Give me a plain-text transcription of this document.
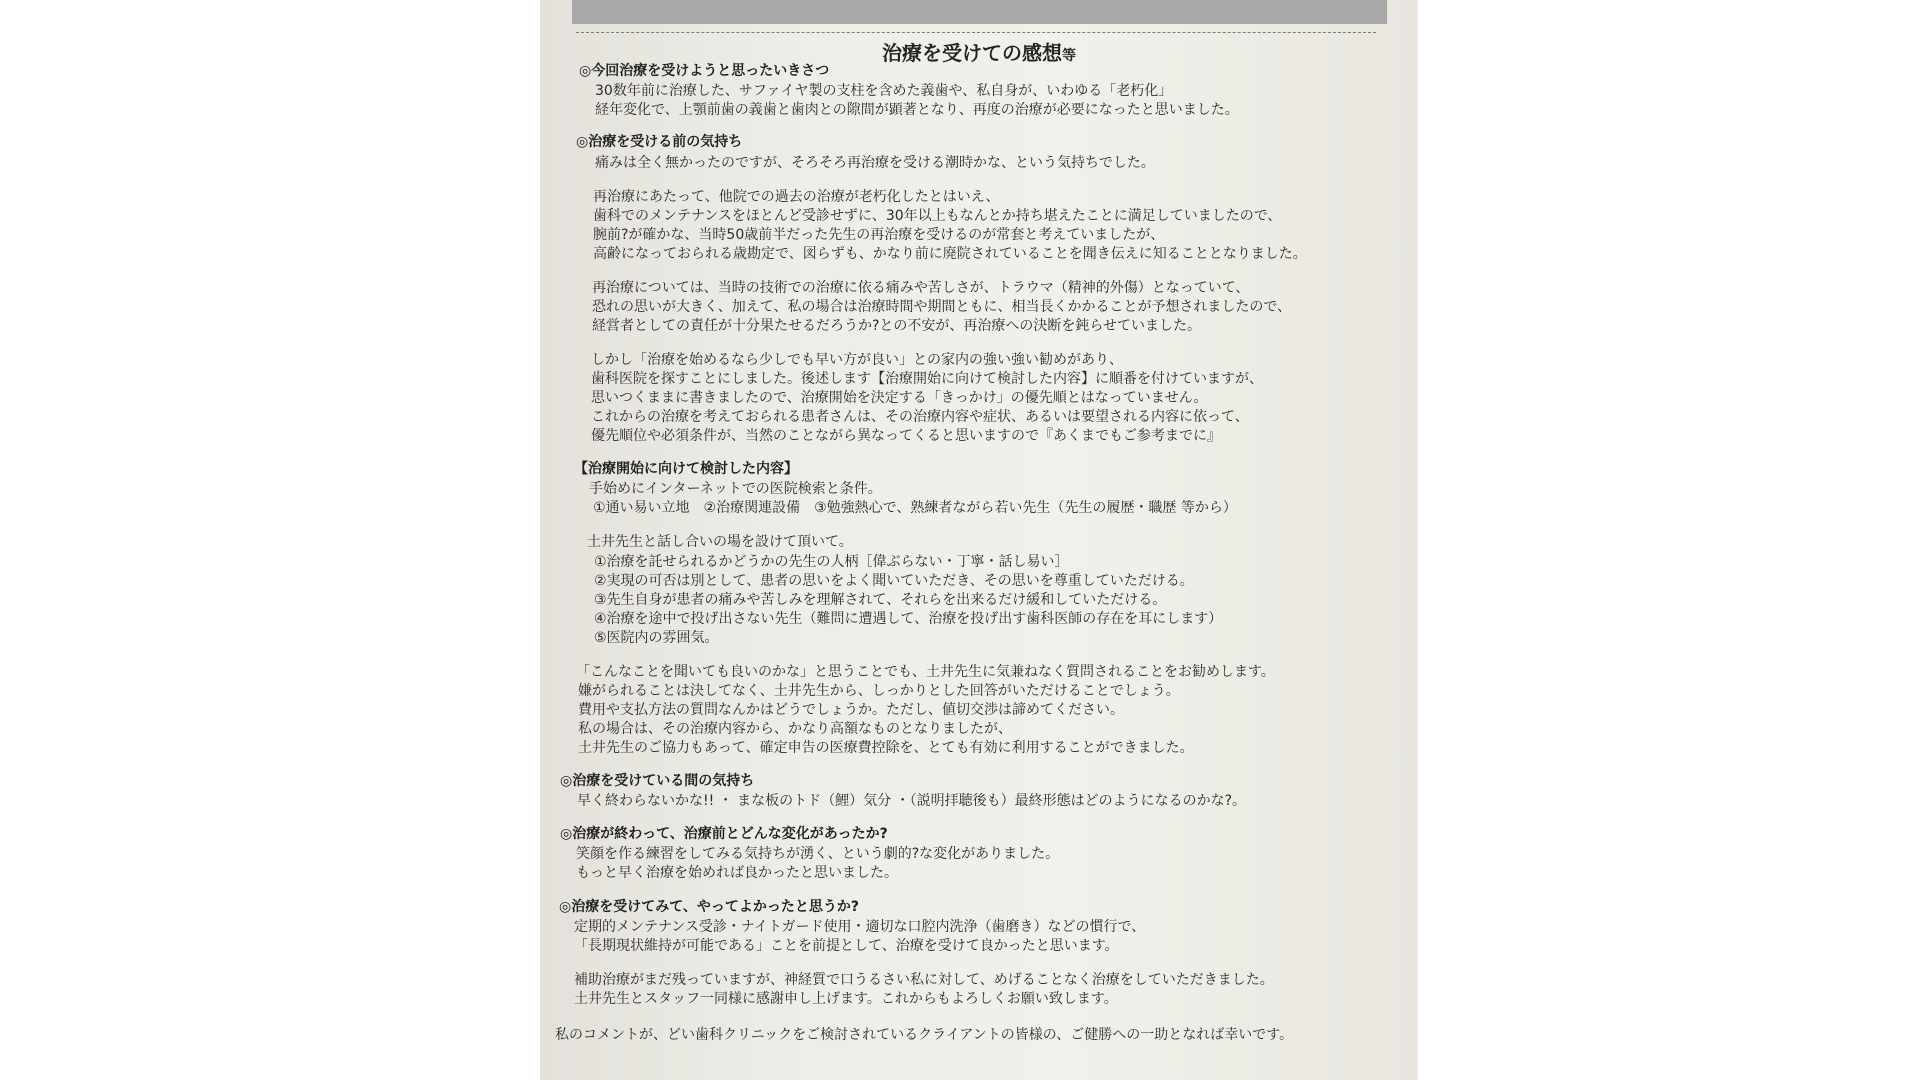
治療を受けての感想等

◎今回治療を受けようと思ったいきさつ

30数年前に治療した、サファイヤ製の支柱を含めた義歯や、私自身が、いわゆる「老朽化」

経年変化で、上顎前歯の義歯と歯肉との隙間が顕著となり、再度の治療が必要になったと思いました。

◎治療を受ける前の気持ち

痛みは全く無かったのですが、そろそろ再治療を受ける潮時かな、という気持ちでした。

再治療にあたって、他院での過去の治療が老朽化したとはいえ、

歯科でのメンテナンスをほとんど受診せずに、30年以上もなんとか持ち堪えたことに満足していましたので、

腕前?が確かな、当時50歳前半だった先生の再治療を受けるのが常套と考えていましたが、

高齢になっておられる歳勘定で、図らずも、かなり前に廃院されていることを聞き伝えに知ることとなりました。

再治療については、当時の技術での治療に依る痛みや苦しさが、トラウマ（精神的外傷）となっていて、

恐れの思いが大きく、加えて、私の場合は治療時間や期間ともに、相当長くかかることが予想されましたので、

経営者としての責任が十分果たせるだろうか?との不安が、再治療への決断を鈍らせていました。

しかし「治療を始めるなら少しでも早い方が良い」との家内の強い強い勧めがあり、

歯科医院を探すことにしました。後述します【治療開始に向けて検討した内容】に順番を付けていますが、

思いつくままに書きましたので、治療開始を決定する「きっかけ」の優先順とはなっていません。

これからの治療を考えておられる患者さんは、その治療内容や症状、あるいは要望される内容に依って、

優先順位や必須条件が、当然のことながら異なってくると思いますので『あくまでもご参考までに』

【治療開始に向けて検討した内容】

手始めにインターネットでの医院検索と条件。

①通い易い立地　②治療関連設備　③勉強熱心で、熟練者ながら若い先生（先生の履歴・職歴 等から）

土井先生と話し合いの場を設けて頂いて。

①治療を託せられるかどうかの先生の人柄［偉ぶらない・丁寧・話し易い］

②実現の可否は別として、患者の思いをよく聞いていただき、その思いを尊重していただける。

③先生自身が患者の痛みや苦しみを理解されて、それらを出来るだけ緩和していただける。

④治療を途中で投げ出さない先生（難問に遭遇して、治療を投げ出す歯科医師の存在を耳にします）

⑤医院内の雰囲気。

「こんなことを聞いても良いのかな」と思うことでも、土井先生に気兼ねなく質問されることをお勧めします。

嫌がられることは決してなく、土井先生から、しっかりとした回答がいただけることでしょう。

費用や支払方法の質問なんかはどうでしょうか。ただし、値切交渉は諦めてください。

私の場合は、その治療内容から、かなり高額なものとなりましたが、

土井先生のご協力もあって、確定申告の医療費控除を、とても有効に利用することができました。

◎治療を受けている間の気持ち

早く終わらないかな!! ・ まな板のトド（鯉）気分 ・（説明拝聴後も）最終形態はどのようになるのかな?。

◎治療が終わって、治療前とどんな変化があったか?

笑顔を作る練習をしてみる気持ちが湧く、という劇的?な変化がありました。

もっと早く治療を始めれば良かったと思いました。

◎治療を受けてみて、やってよかったと思うか?

定期的メンテナンス受診・ナイトガード使用・適切な口腔内洗浄（歯磨き）などの慣行で、

「長期現状維持が可能である」ことを前提として、治療を受けて良かったと思います。

補助治療がまだ残っていますが、神経質で口うるさい私に対して、めげることなく治療をしていただきました。

土井先生とスタッフ一同様に感謝申し上げます。これからもよろしくお願い致します。

私のコメントが、どい歯科クリニックをご検討されているクライアントの皆様の、ご健勝への一助となれば幸いです。
